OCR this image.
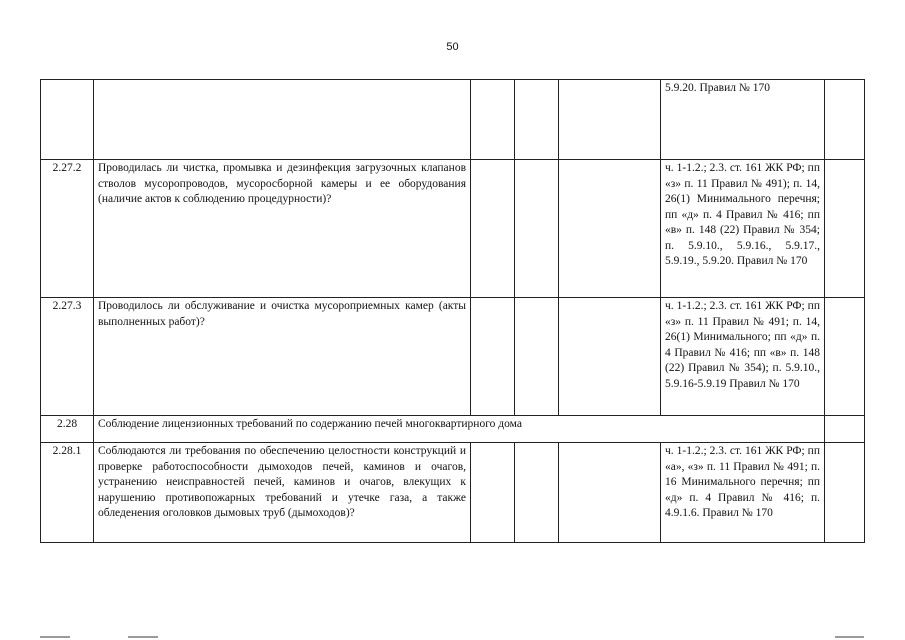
50
					5.9.20. Правил № 170	
2.27.2	Проводилась ли чистка, промывка и дезинфекция загрузочных клапанов стволов мусоропроводов, мусоросборной камеры и ее оборудования (наличие актов к соблюдению процедурности)?				ч. 1-1.2.; 2.3. ст. 161 ЖК РФ; пп «з» п. 11 Правил № 491); п. 14, 26(1) Минимального перечня; пп «д» п. 4 Правил № 416; пп «в» п. 148 (22) Правил № 354; п. 5.9.10., 5.9.16., 5.9.17., 5.9.19., 5.9.20. Правил № 170	
2.27.3	Проводилось ли обслуживание и очистка мусороприемных камер (акты выполненных работ)?				ч. 1-1.2.; 2.3. ст. 161 ЖК РФ; пп «з» п. 11 Правил № 491; п. 14, 26(1) Минимального; пп «д» п. 4 Правил № 416; пп «в» п. 148 (22) Правил № 354); п. 5.9.10., 5.9.16-5.9.19 Правил № 170	
2.28	Соблюдение лицензионных требований по содержанию печей многоквартирного дома					
2.28.1	Соблюдаются ли требования по обеспечению целостности конструкций и проверке работоспособности дымоходов печей, каминов и очагов, устранению неисправностей печей, каминов и очагов, влекущих к нарушению противопожарных требований и утечке газа, а также обледенения оголовков дымовых труб (дымоходов)?				ч. 1-1.2.; 2.3. ст. 161 ЖК РФ; пп «а», «з» п. 11 Правил № 491; п. 16 Минимального перечня; пп «д» п. 4 Правил № 416; п. 4.9.1.6. Правил № 170	
